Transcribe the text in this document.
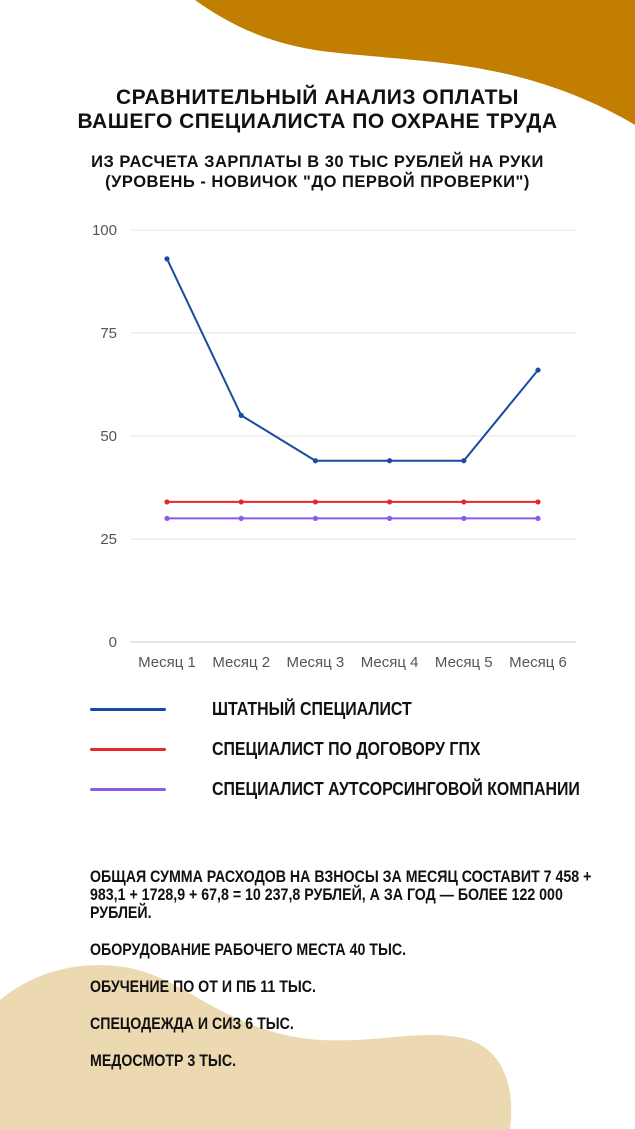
СРАВНИТЕЛЬНЫЙ АНАЛИЗ ОПЛАТЫ
ВАШЕГО СПЕЦИАЛИСТА ПО ОХРАНЕ ТРУДА
ИЗ РАСЧЕТА ЗАРПЛАТЫ В 30 ТЫС РУБЛЕЙ НА РУКИ
(УРОВЕНЬ - НОВИЧОК "ДО ПЕРВОЙ ПРОВЕРКИ")
0
25
50
75
100
Месяц 1 Месяц 2 Месяц 3 Месяц 4 Месяц 5 Месяц 6
ШТАТНЫЙ СПЕЦИАЛИСТ
СПЕЦИАЛИСТ ПО ДОГОВОРУ ГПХ
СПЕЦИАЛИСТ АУТСОРСИНГОВОЙ КОМПАНИИ

ОБЩАЯ СУММА РАСХОДОВ НА ВЗНОСЫ ЗА МЕСЯЦ СОСТАВИТ 7 458 + 983,1 + 1728,9 + 67,8 = 10 237,8 РУБЛЕЙ, А ЗА ГОД — БОЛЕЕ 122 000 РУБЛЕЙ.

ОБОРУДОВАНИЕ РАБОЧЕГО МЕСТА 40 ТЫС.

ОБУЧЕНИЕ ПО ОТ И ПБ 11 ТЫС.

СПЕЦОДЕЖДА И СИЗ 6 ТЫС.

МЕДОСМОТР 3 ТЫС.
